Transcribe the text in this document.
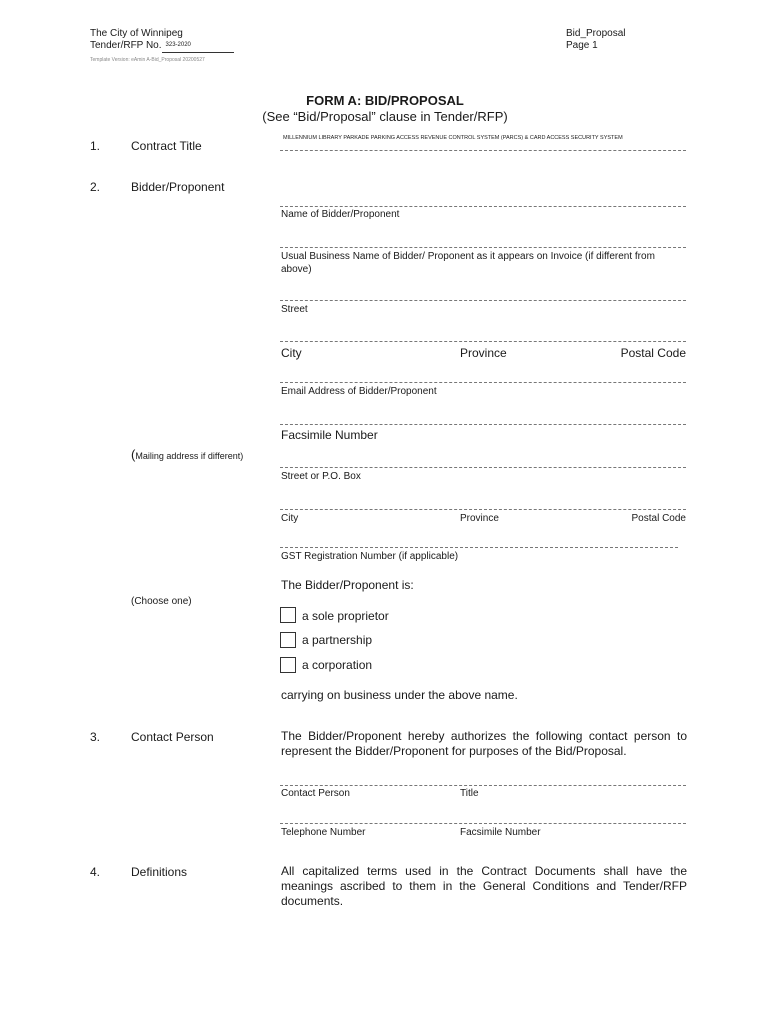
The City of Winnipeg
Tender/RFP No. $^{323-2020}$
Template Version: eAmin A-Bid_Proposal 20200527
Bid_Proposal
Page 1
FORM A: BID/PROPOSAL
(See “Bid/Proposal” clause in Tender/RFP)
1.	Contract Title
MILLENNIUM LIBRARY PARKADE PARKING ACCESS REVENUE CONTROL SYSTEM (PARCS) & CARD ACCESS SECURITY SYSTEM
2.	Bidder/Proponent
Name of Bidder/Proponent
Usual Business Name of Bidder/ Proponent as it appears on Invoice (if different from above)
Street
City	Province	Postal Code
Email Address of Bidder/Proponent
Facsimile Number
(Mailing address if different)
Street or P.O. Box
City	Province	Postal Code
GST Registration Number (if applicable)
The Bidder/Proponent is:
(Choose one)
a sole proprietor
a partnership
a corporation
carrying on business under the above name.
3.	Contact Person	The Bidder/Proponent hereby authorizes the following contact person to represent the Bidder/Proponent for purposes of the Bid/Proposal.
Contact Person	Title
Telephone Number	Facsimile Number
4.	Definitions	All capitalized terms used in the Contract Documents shall have the meanings ascribed to them in the General Conditions and Tender/RFP documents.
